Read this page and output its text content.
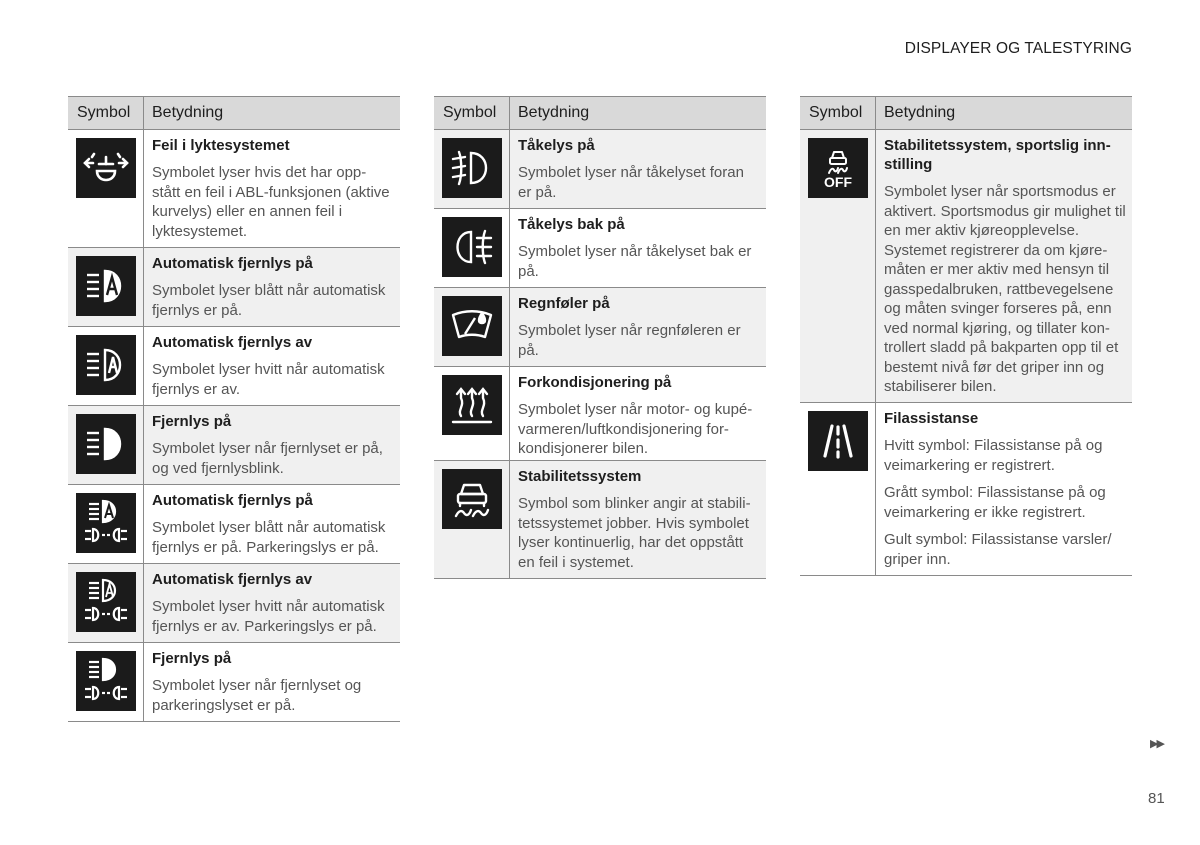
DISPLAYER OG TALESTYRING
Symbol	Betydning

Feil i lyktesystemet

Symbolet lyser hvis det har opp-stått en feil i ABL-funksjonen (aktive kurvelys) eller en annen feil i lyktesystemet.

Automatisk fjernlys på

Symbolet lyser blått når automatisk fjernlys er på.

Automatisk fjernlys av

Symbolet lyser hvitt når automatisk fjernlys er av.

Fjernlys på

Symbolet lyser når fjernlyset er på, og ved fjernlysblink.

Automatisk fjernlys på

Symbolet lyser blått når automatisk fjernlys er på. Parkeringslys er på.

Automatisk fjernlys av

Symbolet lyser hvitt når automatisk fjernlys er av. Parkeringslys er på.

Fjernlys på

Symbolet lyser når fjernlyset og parkeringslyset er på.

Symbol	Betydning

Tåkelys på

Symbolet lyser når tåkelyset foran er på.

Tåkelys bak på

Symbolet lyser når tåkelyset bak er på.

Regnføler på

Symbolet lyser når regnføleren er på.

Forkondisjonering på

Symbolet lyser når motor- og kupé-varmeren/luftkondisjonering for-kondisjonerer bilen.

Stabilitetssystem

Symbol som blinker angir at stabili-tetssystemet jobber. Hvis symbolet lyser kontinuerlig, har det oppstått en feil i systemet.

Symbol	Betydning
OFF

Stabilitetssystem, sportslig inn-stilling

Symbolet lyser når sportsmodus er aktivert. Sportsmodus gir mulighet til en mer aktiv kjøreopplevelse. Systemet registrerer da om kjøre-måten er mer aktiv med hensyn til gasspedalbruken, rattbevegelsene og måten svinger forseres på, enn ved normal kjøring, og tillater kon-trollert sladd på bakparten opp til et bestemt nivå før det griper inn og stabiliserer bilen.

Filassistanse

Hvitt symbol: Filassistanse på og veimarkering er registrert.

Grått symbol: Filassistanse på og veimarkering er ikke registrert.

Gult symbol: Filassistanse varsler/ griper inn.

▶▶
81
